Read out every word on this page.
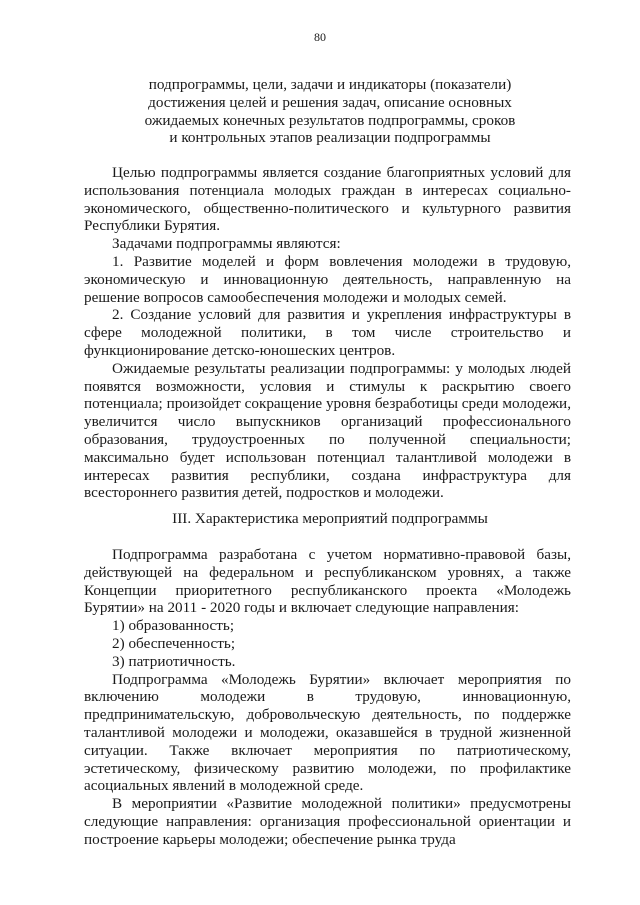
80
подпрограммы, цели, задачи и индикаторы (показатели)
достижения целей и решения задач, описание основных
ожидаемых конечных результатов подпрограммы, сроков
и контрольных этапов реализации подпрограммы

Целью подпрограммы является создание благоприятных условий для использования потенциала молодых граждан в интересах социально-экономического, общественно-политического и культурного развития Республики Бурятия.

Задачами подпрограммы являются:

1. Развитие моделей и форм вовлечения молодежи в трудовую, экономическую и инновационную деятельность, направленную на решение вопросов самообеспечения молодежи и молодых семей.

2. Создание условий для развития и укрепления инфраструктуры в сфере молодежной политики, в том числе строительство и функционирование детско-юношеских центров.

Ожидаемые результаты реализации подпрограммы: у молодых людей появятся возможности, условия и стимулы к раскрытию своего потенциала; произойдет сокращение уровня безработицы среди молодежи, увеличится число выпускников организаций профессионального образования, трудоустроенных по полученной специальности; максимально будет использован потенциал талантливой молодежи в интересах развития республики, создана инфраструктура для всестороннего развития детей, подростков и молодежи.

III. Характеристика мероприятий подпрограммы

Подпрограмма разработана с учетом нормативно-правовой базы, действующей на федеральном и республиканском уровнях, а также Концепции приоритетного республиканского проекта «Молодежь Бурятии» на 2011 - 2020 годы и включает следующие направления:

1) образованность;

2) обеспеченность;

3) патриотичность.

Подпрограмма «Молодежь Бурятии» включает мероприятия по включению молодежи в трудовую, инновационную, предпринимательскую, добровольческую деятельность, по поддержке талантливой молодежи и молодежи, оказавшейся в трудной жизненной ситуации. Также включает мероприятия по патриотическому, эстетическому, физическому развитию молодежи, по профилактике асоциальных явлений в молодежной среде.

В мероприятии «Развитие молодежной политики» предусмотрены следующие направления: организация профессиональной ориентации и построение карьеры молодежи; обеспечение рынка труда
